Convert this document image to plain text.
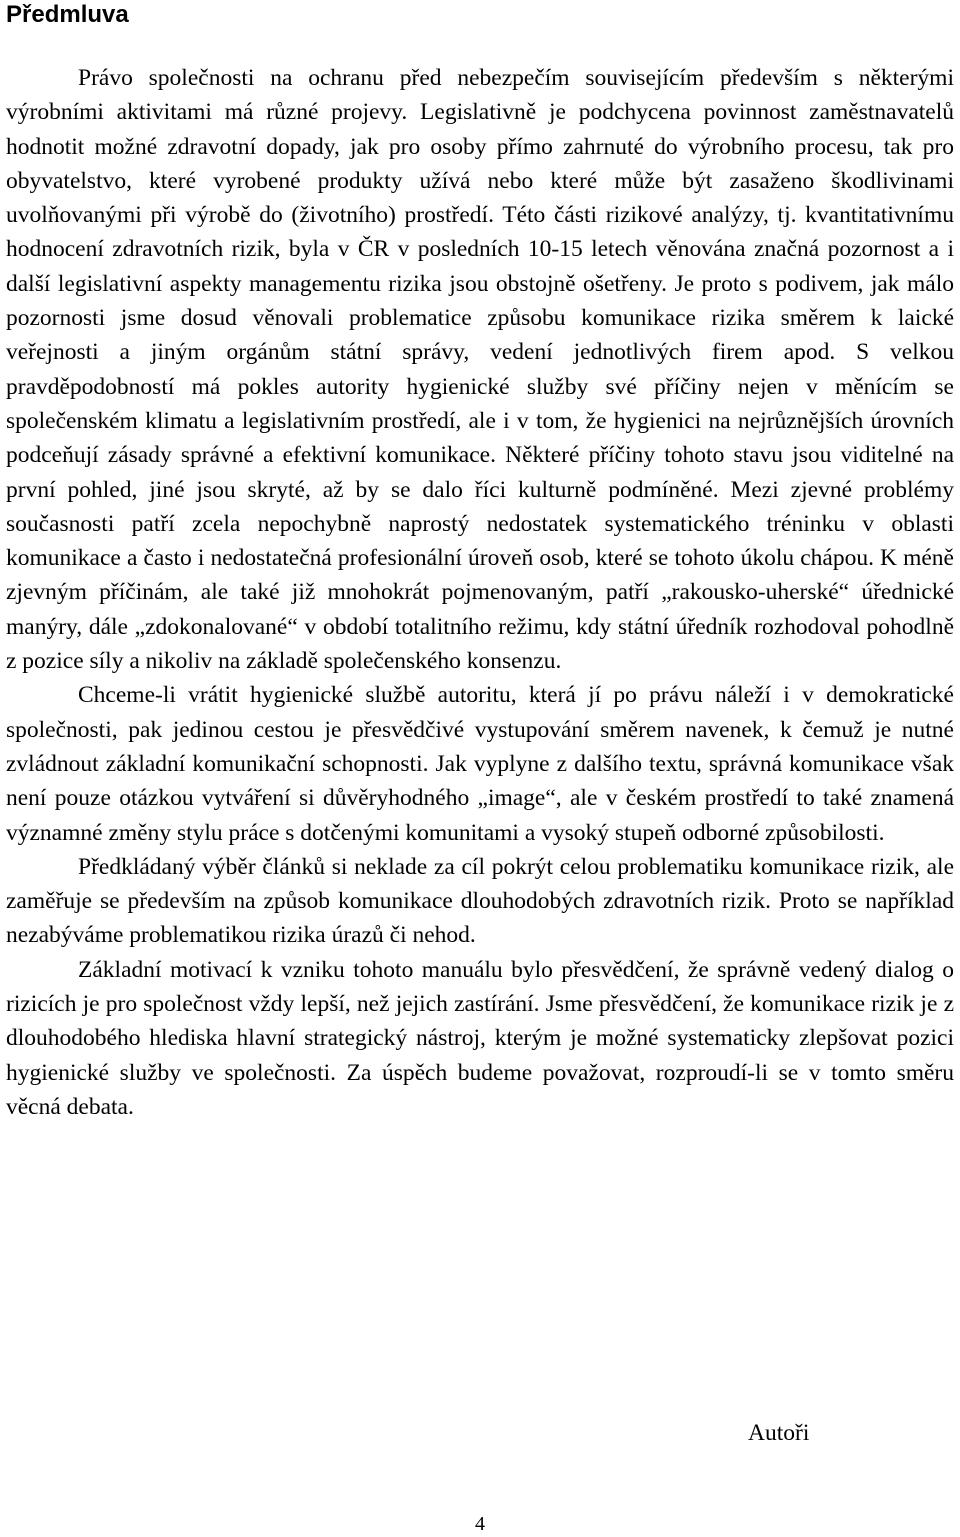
Předmluva

Právo společnosti na ochranu před nebezpečím souvisejícím především s některými výrobními aktivitami má různé projevy. Legislativně je podchycena povinnost zaměstnavatelů hodnotit možné zdravotní dopady, jak pro osoby přímo zahrnuté do výrobního procesu, tak pro obyvatelstvo, které vyrobené produkty užívá nebo které může být zasaženo škodlivinami uvolňovanými při výrobě do (životního) prostředí. Této části rizikové analýzy, tj. kvantitativnímu hodnocení zdravotních rizik, byla v ČR v posledních 10-15 letech věnována značná pozornost a i další legislativní aspekty managementu rizika jsou obstojně ošetřeny. Je proto s podivem, jak málo pozornosti jsme dosud věnovali problematice způsobu komunikace rizika směrem k laické veřejnosti a jiným orgánům státní správy, vedení jednotlivých firem apod. S velkou pravděpodobností má pokles autority hygienické služby své příčiny nejen v měnícím se společenském klimatu a legislativním prostředí, ale i v tom, že hygienici na nejrůznějších úrovních podceňují zásady správné a efektivní komunikace. Některé příčiny tohoto stavu jsou viditelné na první pohled, jiné jsou skryté, až by se dalo říci kulturně podmíněné. Mezi zjevné problémy současnosti patří zcela nepochybně naprostý nedostatek systematického tréninku v oblasti komunikace a často i nedostatečná profesionální úroveň osob, které se tohoto úkolu chápou. K méně zjevným příčinám, ale také již mnohokrát pojmenovaným, patří „rakousko-uherské“ úřednické manýry, dále „zdokonalované“ v období totalitního režimu, kdy státní úředník rozhodoval pohodlně z pozice síly a nikoliv na základě společenského konsenzu.

Chceme-li vrátit hygienické službě autoritu, která jí po právu náleží i v demokratické společnosti, pak jedinou cestou je přesvědčivé vystupování směrem navenek, k čemuž je nutné zvládnout základní komunikační schopnosti. Jak vyplyne z dalšího textu, správná komunikace však není pouze otázkou vytváření si důvěryhodného „image“, ale v českém prostředí to také znamená významné změny stylu práce s dotčenými komunitami a vysoký stupeň odborné způsobilosti.

Předkládaný výběr článků si neklade za cíl pokrýt celou problematiku komunikace rizik, ale zaměřuje se především na způsob komunikace dlouhodobých zdravotních rizik. Proto se například nezabýváme problematikou rizika úrazů či nehod.

Základní motivací k vzniku tohoto manuálu bylo přesvědčení, že správně vedený dialog o rizicích je pro společnost vždy lepší, než jejich zastírání. Jsme přesvědčení, že komunikace rizik je z dlouhodobého hlediska hlavní strategický nástroj, kterým je možné systematicky zlepšovat pozici hygienické služby ve společnosti. Za úspěch budeme považovat, rozproudí-li se v tomto směru věcná debata.

Autoři
4
